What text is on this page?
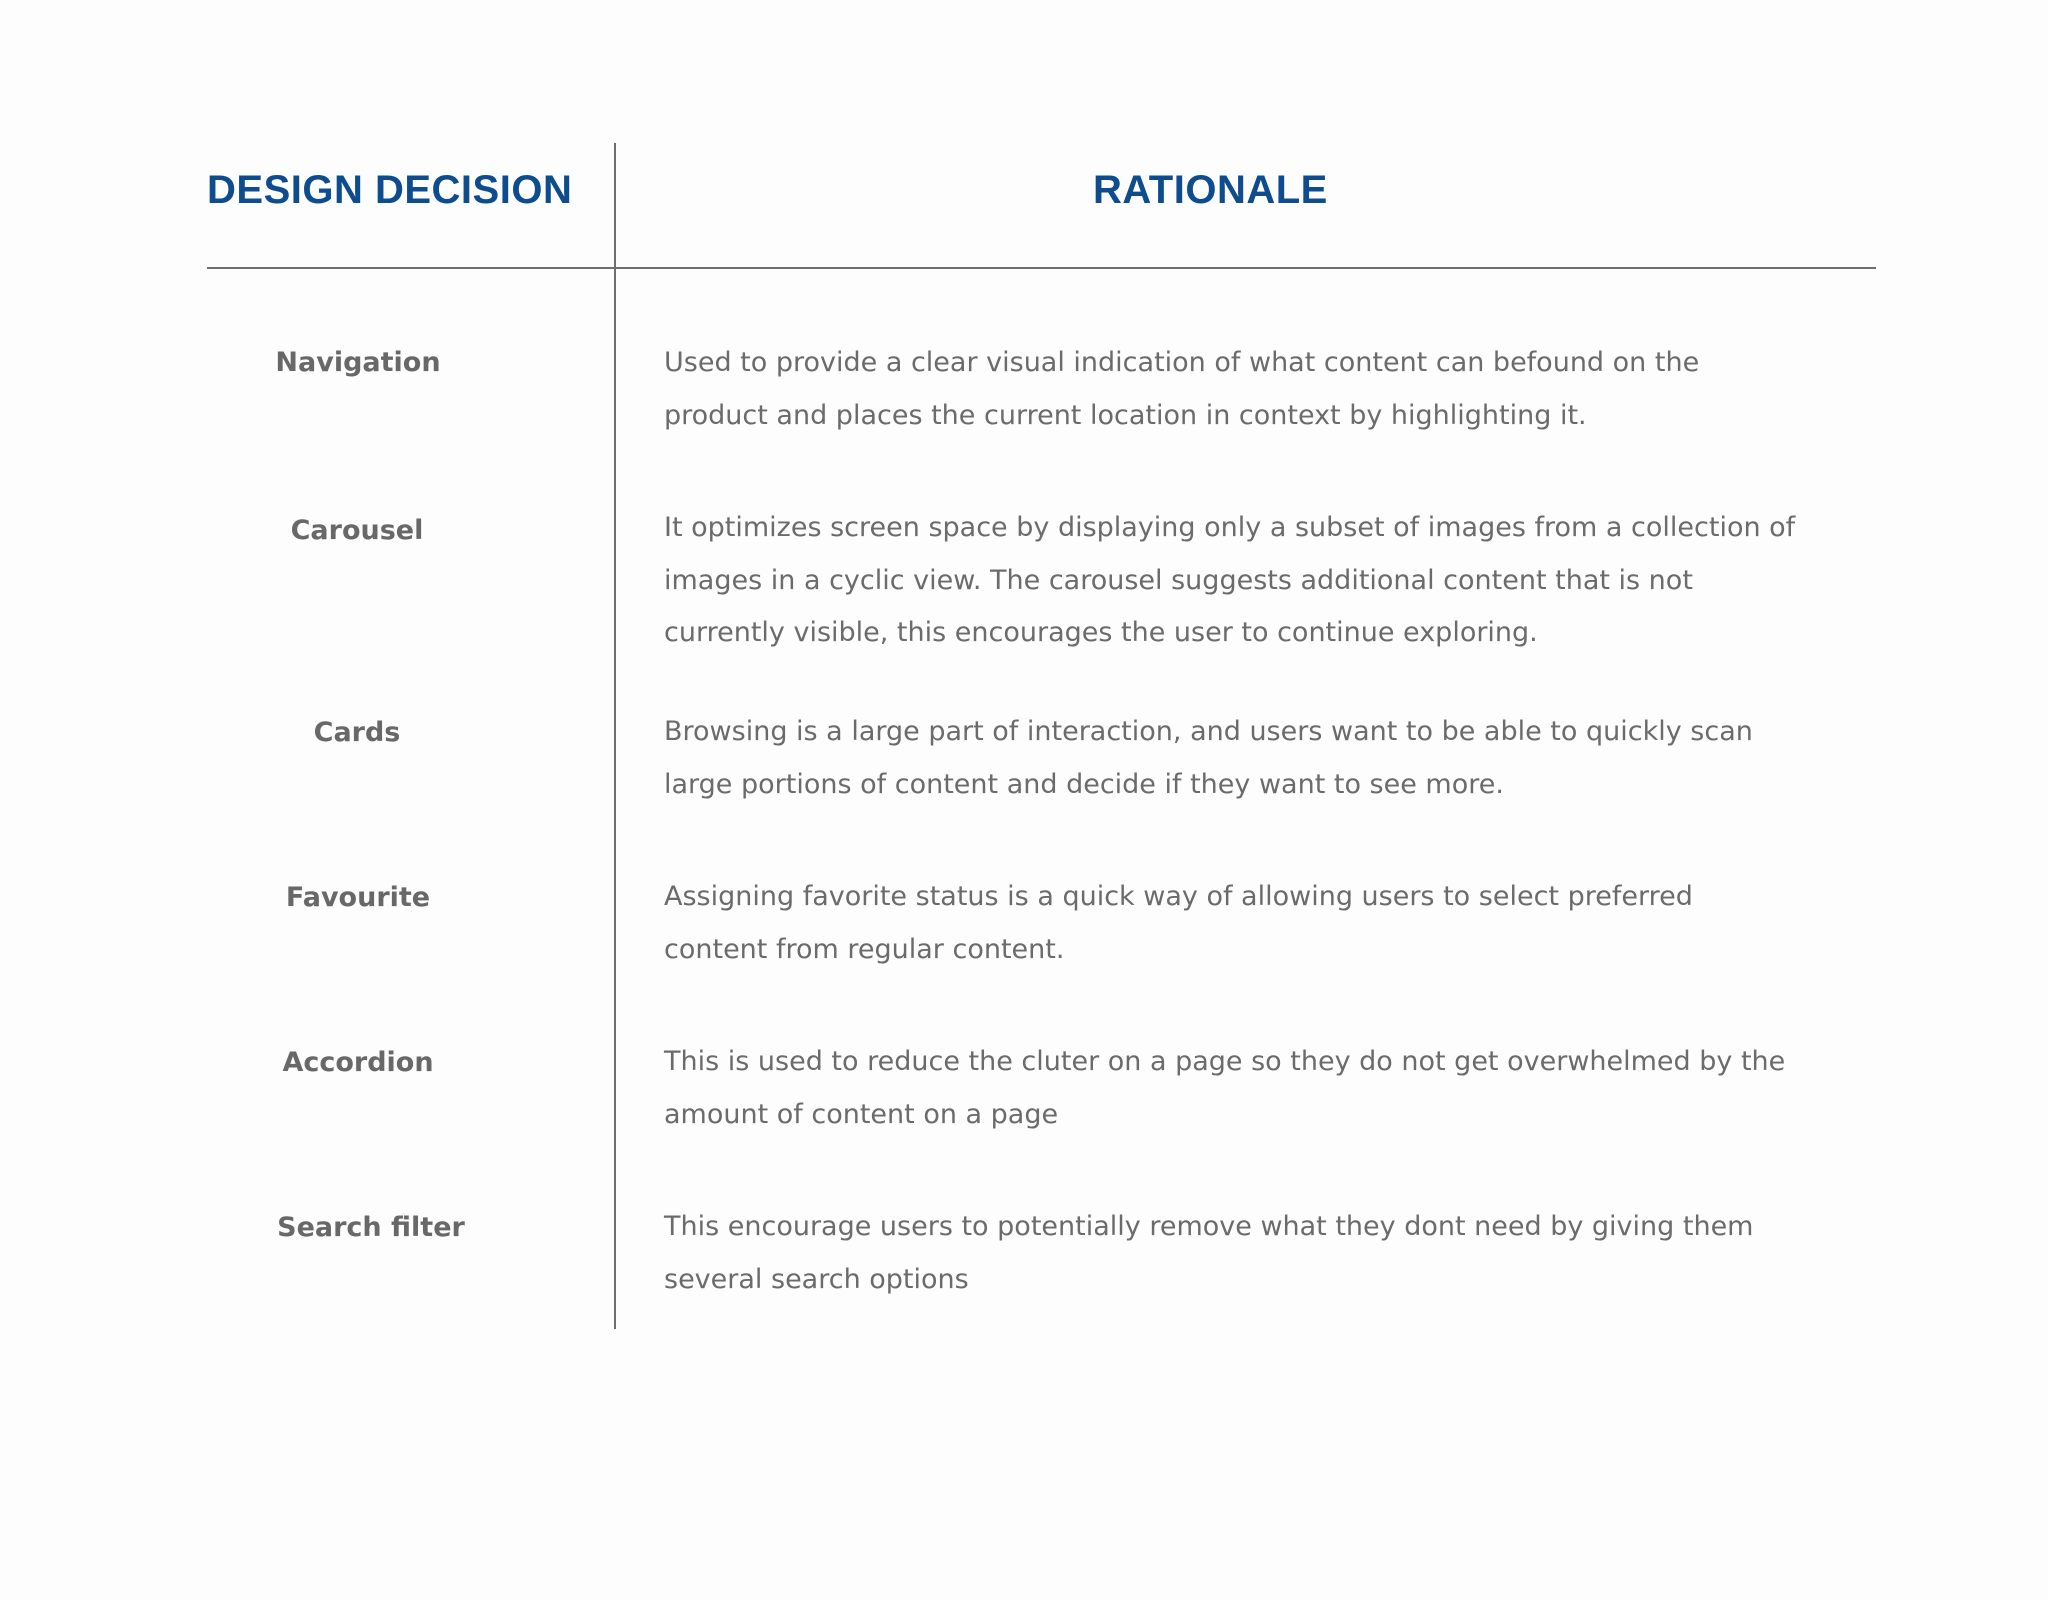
DESIGN DECISION	RATIONALE
Navigation	Used to provide a clear visual indication of what content can befound on the product and places the current location in context by highlighting it.
Carousel	It optimizes screen space by displaying only a subset of images from a collection of images in a cyclic view. The carousel suggests additional content that is not currently visible, this encourages the user to continue exploring.
Cards	Browsing is a large part of interaction, and users want to be able to quickly scan large portions of content and decide if they want to see more.
Favourite	Assigning favorite status is a quick way of allowing users to select preferred content from regular content.
Accordion	This is used to reduce the cluter on a page so they do not get overwhelmed by the amount of content on a page
Search filter	This encourage users to potentially remove what they dont need by giving them several search options
